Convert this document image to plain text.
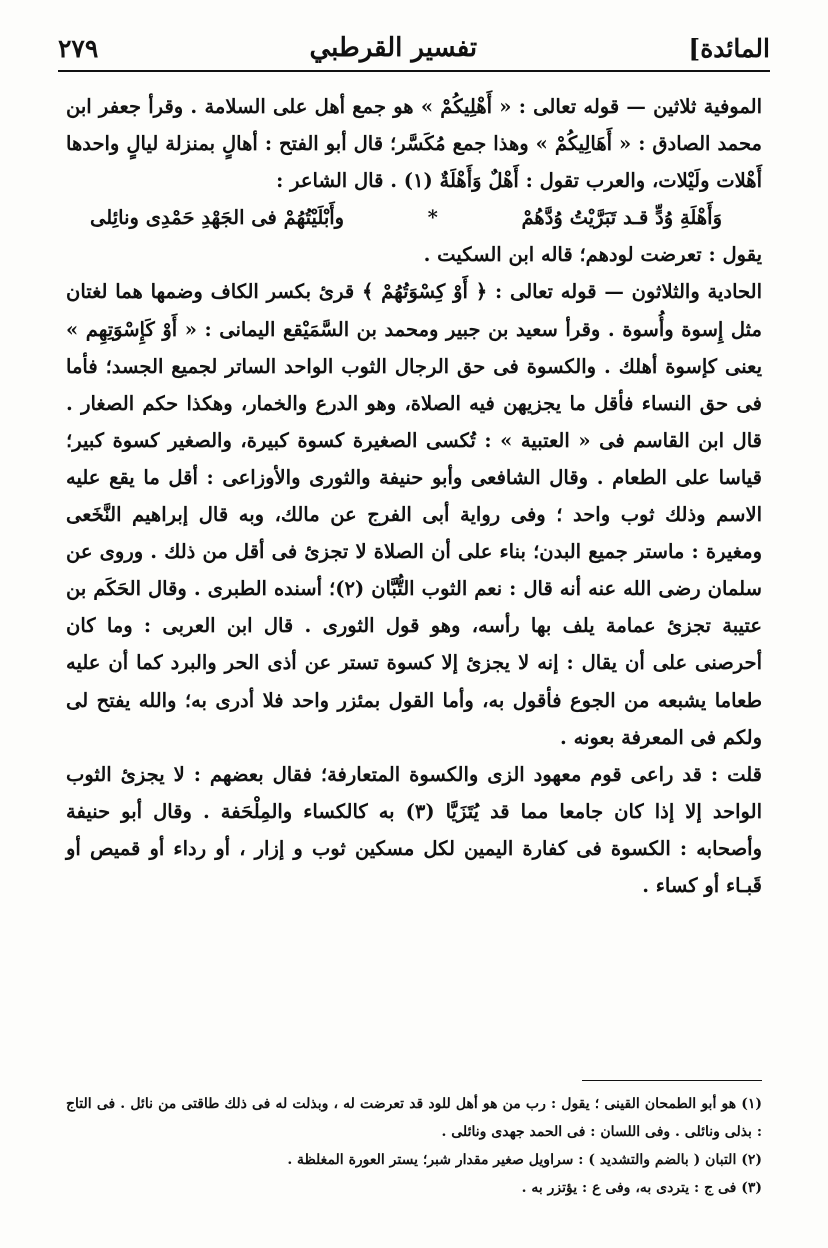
المائدة]
تفسير القرطبي
٢٧٩

الموفية ثلاثين — قوله تعالى : « أَهْلِيكُمْ » هو جمع أهل على السلامة . وقرأ جعفر ابن محمد الصادق : « أَهَالِيكُمْ » وهذا جمع مُكَسَّر؛ قال أبو الفتح : أهالٍ بمنزلة ليالٍ واحدها أَهْلات ولَيْلات، والعرب تقول : أَهْلٌ وَأَهْلَةٌ (١) . قال الشاعر :

وَأَهْلَةِ وُدٍّ قـد تَبَرَّيْتُ وُدَّهُمْ
*
وأَبْلَيْتُهُمْ فى الجَهْدِ حَمْدِى ونائِلى

يقول : تعرضت لودهم؛ قاله ابن السكيت .

الحادية والثلاثون — قوله تعالى : ﴿ أَوْ كِسْوَتُهُمْ ﴾ قرئ بكسر الكاف وضمها هما لغتان مثل إِسوة وأُسوة . وقرأ سعيد بن جبير ومحمد بن السَّمَيْقع اليمانى : « أَوْ كَإِسْوَتِهِم » يعنى كإسوة أهلك . والكسوة فى حق الرجال الثوب الواحد الساتر لجميع الجسد؛ فأما فى حق النساء فأقل ما يجزيهن فيه الصلاة، وهو الدرع والخمار، وهكذا حكم الصغار . قال ابن القاسم فى « العتبية » : تُكسى الصغيرة كسوة كبيرة، والصغير كسوة كبير؛ قياسا على الطعام . وقال الشافعى وأبو حنيفة والثورى والأوزاعى : أقل ما يقع عليه الاسم وذلك ثوب واحد ؛ وفى رواية أبى الفرج عن مالك، وبه قال إبراهيم النَّخَعى ومغيرة : ماستر جميع البدن؛ بناء على أن الصلاة لا تجزئ فى أقل من ذلك . وروى عن سلمان رضى الله عنه أنه قال : نعم الثوب التُّبَّان (٢)؛ أسنده الطبرى . وقال الحَكَم بن عتيبة تجزئ عمامة يلف بها رأسه، وهو قول الثورى . قال ابن العربى : وما كان أحرصنى على أن يقال : إنه لا يجزئ إلا كسوة تستر عن أذى الحر والبرد كما أن عليه طعاما يشبعه من الجوع فأقول به، وأما القول بمئزر واحد فلا أدرى به؛ والله يفتح لى ولكم فى المعرفة بعونه .

قلت : قد راعى قوم معهود الزى والكسوة المتعارفة؛ فقال بعضهم : لا يجزئ الثوب الواحد إلا إذا كان جامعا مما قد يُتَزَيَّا (٣) به كالكساء والمِلْحَفة . وقال أبو حنيفة وأصحابه : الكسوة فى كفارة اليمين لكل مسكين ثوب و إزار ، أو رداء أو قميص أو قَبـاء أو كساء .

(١) هو أبو الطمحان القينى ؛ يقول : رب من هو أهل للود قد تعرضت له ، وبذلت له فى ذلك طاقتى من نائل . فى التاج : بذلى ونائلى . وفى اللسان : فى الحمد جهدى ونائلى .

(٢) التبان ( بالضم والتشديد ) : سراويل صغير مقدار شبر؛ يستر العورة المغلظة .

(٣) فى ج : يتردى به، وفى ع : يؤتزر به .
